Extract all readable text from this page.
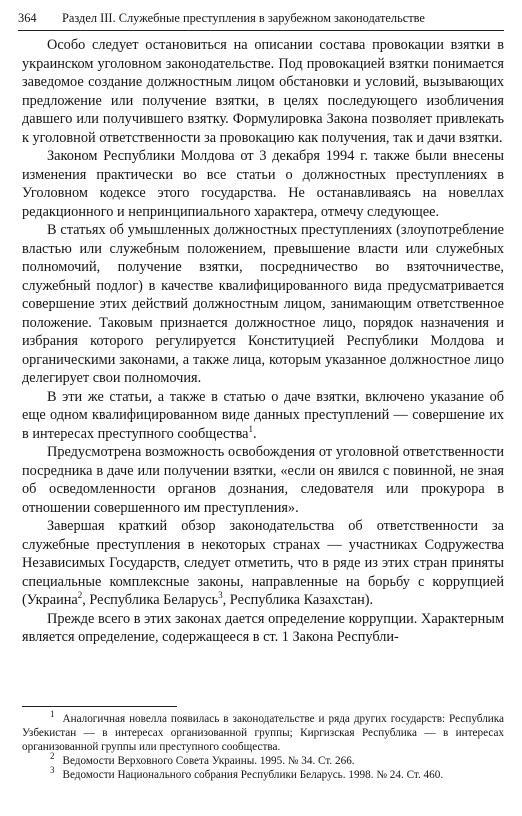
364 Раздел III. Служебные преступления в зарубежном законодательстве

Особо следует остановиться на описании состава провокации взятки в украинском уголовном законодательстве. Под провокацией взятки понимается заведомое создание должностным лицом обстановки и условий, вызывающих предложение или получение взятки, в целях последующего изобличения давшего или получившего взятку. Формулировка Закона позволяет привлекать к уголовной ответственности за провокацию как получения, так и дачи взятки.

Законом Республики Молдова от 3 декабря 1994 г. также были внесены изменения практически во все статьи о должностных преступлениях в Уголовном кодексе этого государства. Не останавливаясь на новеллах редакционного и непринципиального характера, отмечу следующее.

В статьях об умышленных должностных преступлениях (злоупотребление властью или служебным положением, превышение власти или служебных полномочий, получение взятки, посредничество во взяточничестве, служебный подлог) в качестве квалифицированного вида предусматривается совершение этих действий должностным лицом, занимающим ответственное положение. Таковым признается должностное лицо, порядок назначения и избрания которого регулируется Конституцией Республики Молдова и органическими законами, а также лица, которым указанное должностное лицо делегирует свои полномочия.

В эти же статьи, а также в статью о даче взятки, включено указание об еще одном квалифицированном виде данных преступлений — совершение их в интересах преступного сообщества$^1$.

Предусмотрена возможность освобождения от уголовной ответственности посредника в даче или получении взятки, «если он явился с повинной, не зная об осведомленности органов дознания, следователя или прокурора в отношении совершенного им преступления».

Завершая краткий обзор законодательства об ответственности за служебные преступления в некоторых странах — участниках Содружества Независимых Государств, следует отметить, что в ряде из этих стран приняты специальные комплексные законы, направленные на борьбу с коррупцией (Украина$^2$, Республика Беларусь$^3$, Республика Казахстан).

Прежде всего в этих законах дается определение коррупции. Характерным является определение, содержащееся в ст. 1 Закона Республи-

$^1$ Аналогичная новелла появилась в законодательстве и ряда других государств: Республика Узбекистан — в интересах организованной группы; Киргизская Республика — в интересах организованной группы или преступного сообщества.

$^2$ Ведомости Верховного Совета Украины. 1995. № 34. Ст. 266.

$^3$ Ведомости Национального собрания Республики Беларусь. 1998. № 24. Ст. 460.
